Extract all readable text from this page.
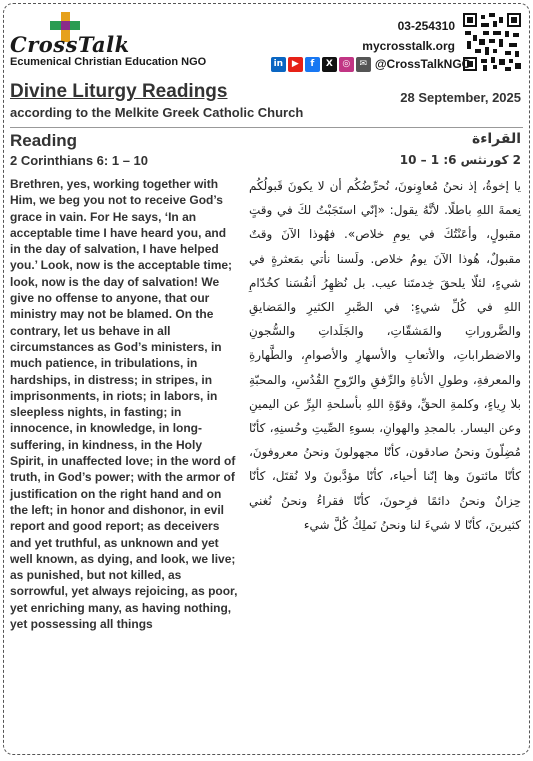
CrossTalk
Ecumenical Christian Education NGO
03-254310
mycrosstalk.org
in ▶	f	X	◎	✉ @CrossTalkNGO
Divine Liturgy Readings
according to the Melkite Greek Catholic Church
28 September, 2025
Reading
2 Corinthians 6: 1 – 10
القراءة
2 كورنثس 6: 1 – 10
Brethren, yes, working together with Him, we beg you not to receive God’s grace in vain. For He says, ‘In an acceptable time I have heard you, and in the day of salvation, I have helped you.’ Look, now is the acceptable time; look, now is the day of salvation! We give no offense to anyone, that our ministry may not be blamed. On the contrary, let us behave in all circumstances as God’s ministers, in much patience, in tribulations, in hardships, in distress; in stripes, in imprisonments, in riots; in labors, in sleepless nights, in fasting; in innocence, in knowledge, in long-suffering, in kindness, in the Holy Spirit, in unaffected love; in the word of truth, in God’s power; with the armor of justification on the right hand and on the left; in honor and dishonor, in evil report and good report; as deceivers and yet truthful, as unknown and yet well known, as dying, and look, we live; as punished, but not killed, as sorrowful, yet always rejoicing, as poor, yet enriching many, as having nothing, yet possessing all things
يا إخوةُ، إذ نحنُ مُعاوِنونَ، نُحرِّضُكُم أن لا يكونَ قَبولُكُم نِعمةَ اللهِ باطلًا. لأنَّهُ يقول: «إنّي استَجَبْتُ لكَ في وقتٍ مقبولٍ، وأعَنْتُكَ في يومِ خلاص». فهُوذا الآنَ وقتٌ مقبولٌ، هُوذا الآنَ يومُ خلاص. ولَسنا نأتي بمَعثرةٍ في شيءٍ، لئلّا يلحقَ خِدمتَنا عيب. بل نُظهِرُ أنفُسَنا كخُدّامِ اللهِ في كُلِّ شيءٍ: في الصَّبرِ الكثيرِ والمَضايقِ والضَّروراتِ والمَشقّاتِ، والجَلَداتِ والسُّجونِ والاضطراباتِ، والأتعابِ والأسهارِ والأصوامِ، والطَّهارةِ والمعرفةِ، وطولِ الأناةِ والرِّفقِ والرّوحِ القُدُسِ، والمحبّةِ بلا رِياءٍ، وكلمةِ الحقِّ، وقوّةِ اللهِ بأسلحةِ البِرِّ عن اليمينِ وعن اليسار. بالمجدِ والهوانِ، بسوءِ الصِّيتِ وحُسنِهِ، كأنّا مُضِلّونَ ونحنُ صادقون، كأنّا مجهولونَ ونحنُ معروفونَ، كأنّا مائتونَ وها إنّنا أحياء، كأنّا مؤدَّبونَ ولا نُقتَل، كأنّا حِزانٌ ونحنُ دائمًا فرِحونَ، كأنّا فقراءُ ونحنُ نُغني كثيرينَ، كأنّا لا شيءَ لنا ونحنُ نَملِكُ كُلَّ شيء
